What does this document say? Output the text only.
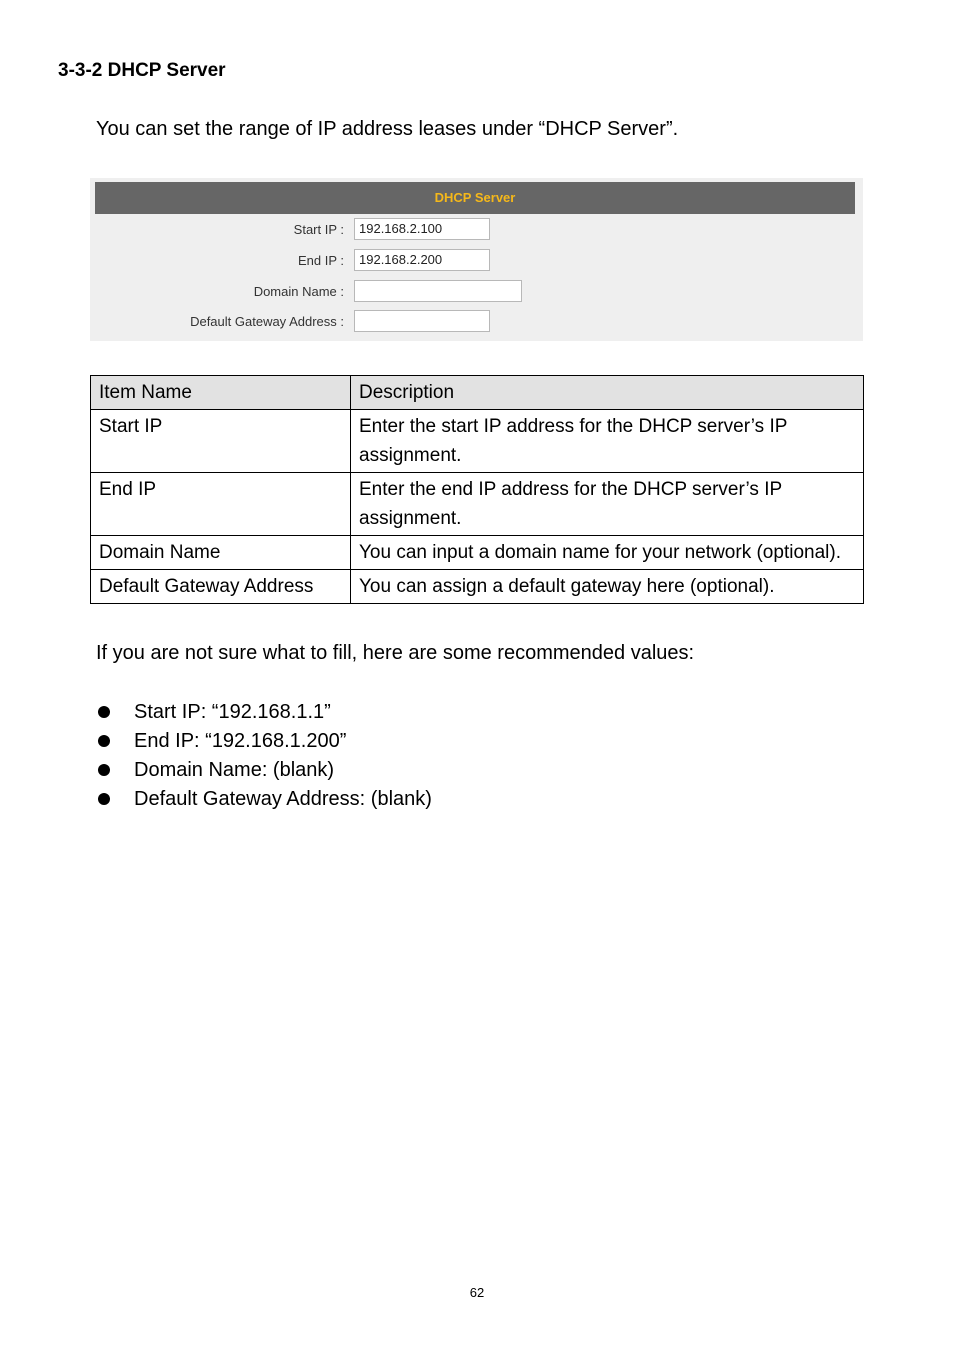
3-3-2 DHCP Server

You can set the range of IP address leases under “DHCP Server”.

DHCP Server
Start IP :
192.168.2.100
End IP :
192.168.2.200
Domain Name :
Default Gateway Address :
Item Name	Description
Start IP	Enter the start IP address for the DHCP server’s IP assignment.
End IP	Enter the end IP address for the DHCP server’s IP assignment.
Domain Name	You can input a domain name for your network (optional).
Default Gateway Address	You can assign a default gateway here (optional).

If you are not sure what to fill, here are some recommended values:

Start IP: “192.168.1.1”
End IP: “192.168.1.200”
Domain Name: (blank)
Default Gateway Address: (blank)
62
